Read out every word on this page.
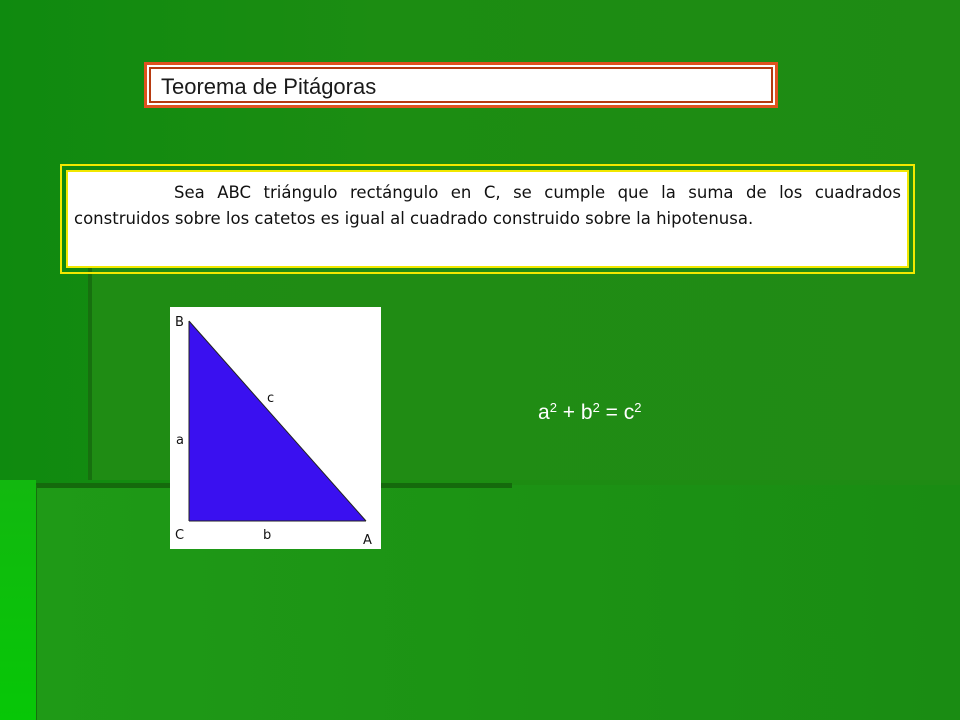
Teorema de Pitágoras

Sea ABC triángulo rectángulo en C, se cumple que la suma de los cuadrados construidos sobre los catetos es igual al cuadrado construido sobre la hipotenusa.

B
C	A
a
b
c
$a^2 + b^2 = c^2$
